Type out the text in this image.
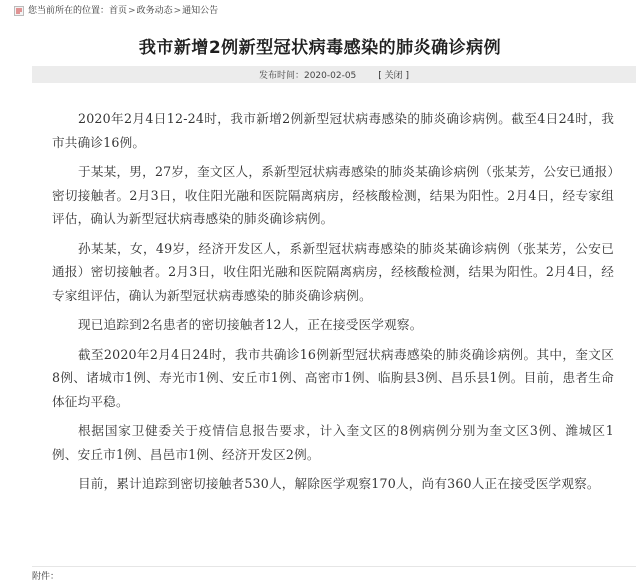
您当前所在的位置： 首页 > 政务动态 > 通知公告
我市新增2例新型冠状病毒感染的肺炎确诊病例
发布时间：2020-02-05 [ 关闭 ]

2020年2月4日12-24时，我市新增2例新型冠状病毒感染的肺炎确诊病例。截至4日24时，我市共确诊16例。

于某某，男，27岁，奎文区人，系新型冠状病毒感染的肺炎某确诊病例（张某芳，公安已通报）密切接触者。2月3日，收住阳光融和医院隔离病房，经核酸检测，结果为阳性。2月4日，经专家组评估，确认为新型冠状病毒感染的肺炎确诊病例。

孙某某，女，49岁，经济开发区人，系新型冠状病毒感染的肺炎某确诊病例（张某芳，公安已通报）密切接触者。2月3日，收住阳光融和医院隔离病房，经核酸检测，结果为阳性。2月4日，经专家组评估，确认为新型冠状病毒感染的肺炎确诊病例。

现已追踪到2名患者的密切接触者12人，正在接受医学观察。

截至2020年2月4日24时，我市共确诊16例新型冠状病毒感染的肺炎确诊病例。其中，奎文区8例、诸城市1例、寿光市1例、安丘市1例、高密市1例、临朐县3例、昌乐县1例。目前，患者生命体征均平稳。

根据国家卫健委关于疫情信息报告要求，计入奎文区的8例病例分别为奎文区3例、潍城区1例、安丘市1例、昌邑市1例、经济开发区2例。

目前，累计追踪到密切接触者530人，解除医学观察170人，尚有360人正在接受医学观察。

附件：
